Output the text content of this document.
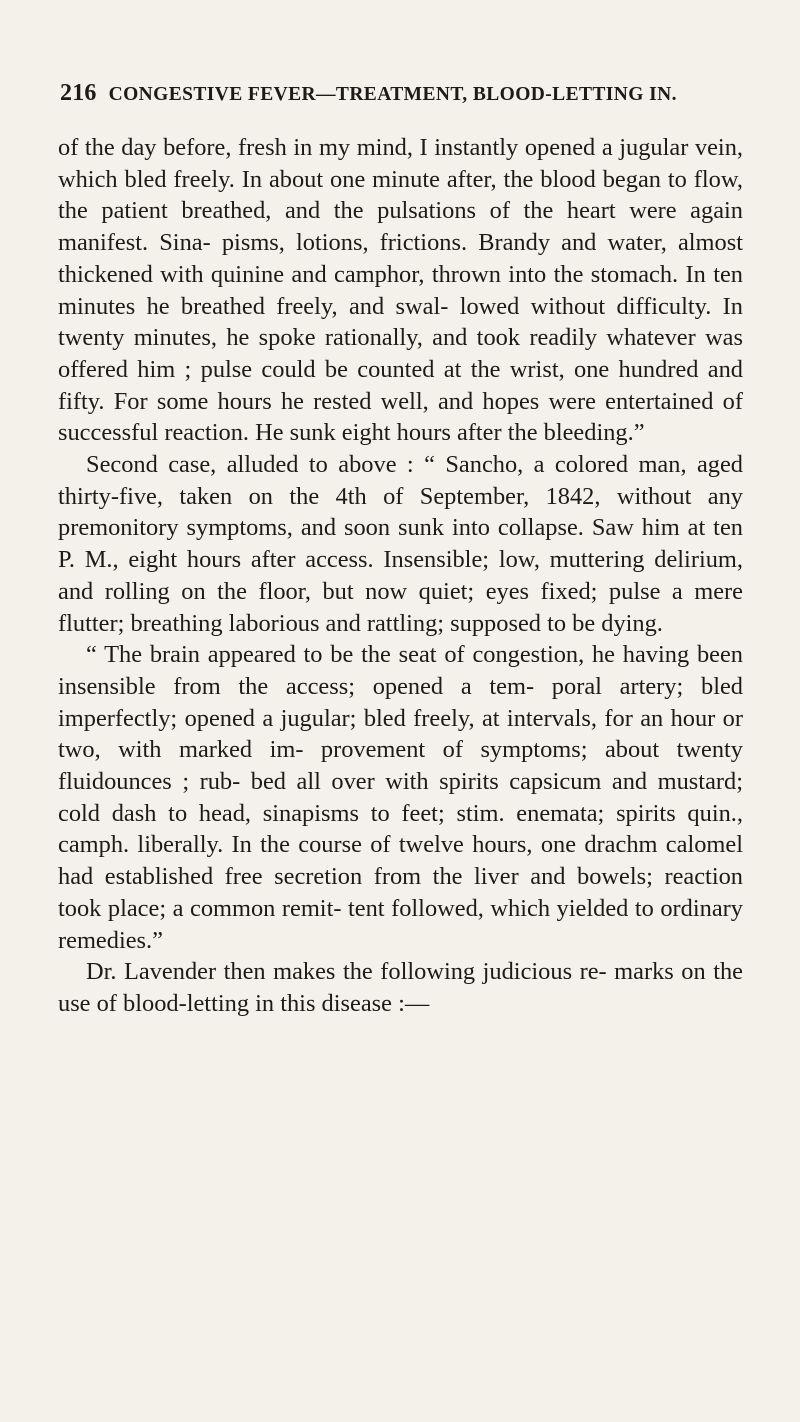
216 CONGESTIVE FEVER—TREATMENT, BLOOD-LETTING IN.

of the day before, fresh in my mind, I instantly opened a jugular vein, which bled freely. In about one minute after, the blood began to flow, the patient breathed, and the pulsations of the heart were again manifest. Sina- pisms, lotions, frictions. Brandy and water, almost thickened with quinine and camphor, thrown into the stomach. In ten minutes he breathed freely, and swal- lowed without difficulty. In twenty minutes, he spoke rationally, and took readily whatever was offered him ; pulse could be counted at the wrist, one hundred and fifty. For some hours he rested well, and hopes were entertained of successful reaction. He sunk eight hours after the bleeding.”

Second case, alluded to above : “ Sancho, a colored man, aged thirty-five, taken on the 4th of September, 1842, without any premonitory symptoms, and soon sunk into collapse. Saw him at ten P. M., eight hours after access. Insensible; low, muttering delirium, and rolling on the floor, but now quiet; eyes fixed; pulse a mere flutter; breathing laborious and rattling; supposed to be dying.

“ The brain appeared to be the seat of congestion, he having been insensible from the access; opened a tem- poral artery; bled imperfectly; opened a jugular; bled freely, at intervals, for an hour or two, with marked im- provement of symptoms; about twenty fluidounces ; rub- bed all over with spirits capsicum and mustard; cold dash to head, sinapisms to feet; stim. enemata; spirits quin., camph. liberally. In the course of twelve hours, one drachm calomel had established free secretion from the liver and bowels; reaction took place; a common remit- tent followed, which yielded to ordinary remedies.”

Dr. Lavender then makes the following judicious re- marks on the use of blood-letting in this disease :—
